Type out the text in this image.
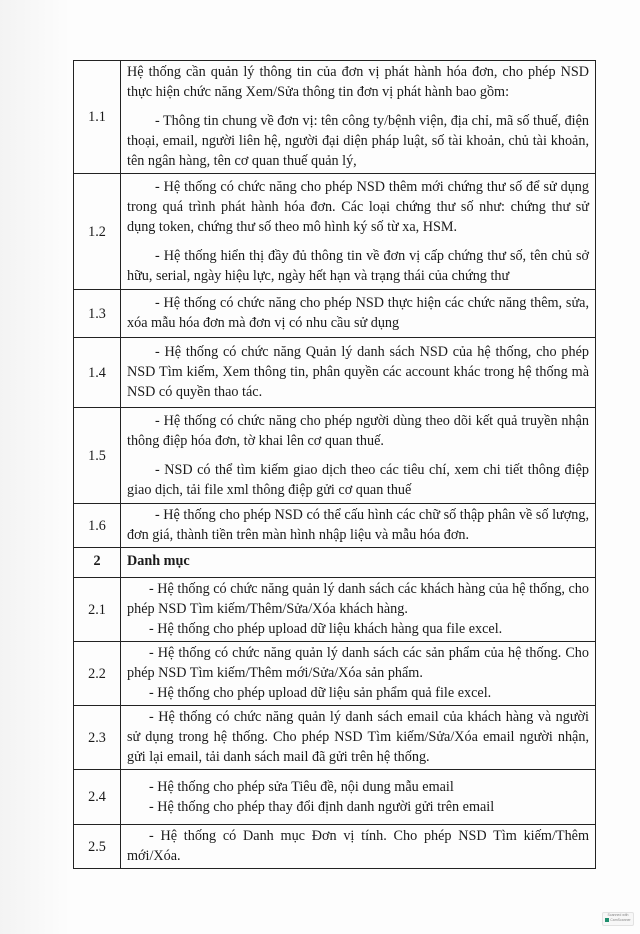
1.1	Hệ thống cần quản lý thông tin của đơn vị phát hành hóa đơn, cho phép NSD thực hiện chức năng Xem/Sửa thông tin đơn vị phát hành bao gồm:

- Thông tin chung về đơn vị: tên công ty/bệnh viện, địa chỉ, mã số thuế, điện thoại, email, người liên hệ, người đại diện pháp luật, số tài khoản, chủ tài khoản, tên ngân hàng, tên cơ quan thuế quản lý,

1.2	- Hệ thống có chức năng cho phép NSD thêm mới chứng thư số để sử dụng trong quá trình phát hành hóa đơn. Các loại chứng thư số như: chứng thư sử dụng token, chứng thư số theo mô hình ký số từ xa, HSM.

- Hệ thống hiển thị đầy đủ thông tin về đơn vị cấp chứng thư số, tên chủ sở hữu, serial, ngày hiệu lực, ngày hết hạn và trạng thái của chứng thư

1.3	- Hệ thống có chức năng cho phép NSD thực hiện các chức năng thêm, sửa, xóa mẫu hóa đơn mà đơn vị có nhu cầu sử dụng

1.4	- Hệ thống có chức năng Quản lý danh sách NSD của hệ thống, cho phép NSD Tìm kiếm, Xem thông tin, phân quyền các account khác trong hệ thống mà NSD có quyền thao tác.

1.5	- Hệ thống có chức năng cho phép người dùng theo dõi kết quả truyền nhận thông điệp hóa đơn, tờ khai lên cơ quan thuế.

- NSD có thể tìm kiếm giao dịch theo các tiêu chí, xem chi tiết thông điệp giao dịch, tải file xml thông điệp gửi cơ quan thuế

1.6	- Hệ thống cho phép NSD có thể cấu hình các chữ số thập phân về số lượng, đơn giá, thành tiền trên màn hình nhập liệu và mẫu hóa đơn.

2	Danh mục
2.1	- Hệ thống có chức năng quản lý danh sách các khách hàng của hệ thống, cho phép NSD Tìm kiếm/Thêm/Sửa/Xóa khách hàng.

- Hệ thống cho phép upload dữ liệu khách hàng qua file excel.

2.2	- Hệ thống có chức năng quản lý danh sách các sản phẩm của hệ thống. Cho phép NSD Tìm kiếm/Thêm mới/Sửa/Xóa sản phẩm.

- Hệ thống cho phép upload dữ liệu sản phẩm quả file excel.

2.3	- Hệ thống có chức năng quản lý danh sách email của khách hàng và người sử dụng trong hệ thống. Cho phép NSD Tìm kiếm/Sửa/Xóa email người nhận, gửi lại email, tải danh sách mail đã gửi trên hệ thống.

2.4	- Hệ thống cho phép sửa Tiêu đề, nội dung mẫu email

- Hệ thống cho phép thay đổi định danh người gửi trên email

2.5	- Hệ thống có Danh mục Đơn vị tính. Cho phép NSD Tìm kiếm/Thêm mới/Xóa.

Scanned with
CamScanner
